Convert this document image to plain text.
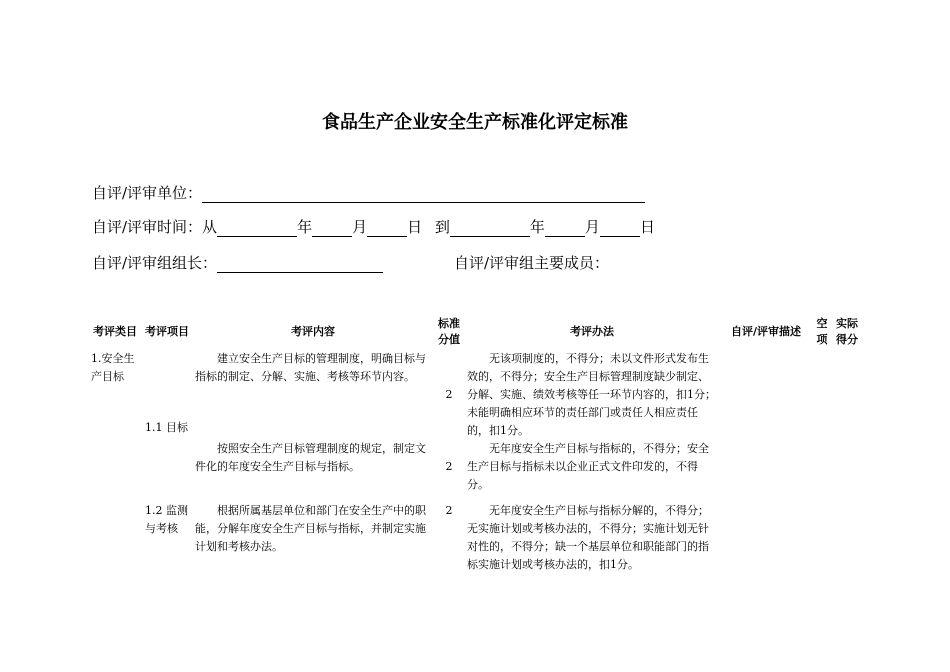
食品生产企业安全生产标准化评定标准
自评/评审单位：
自评/评审时间：从	年	月	日 到	年	月	日
自评/评审组组长：	自评/评审组主要成员：
考评类目	考评项目	考评内容	标准分值	考评办法	自评/评审描述	空项	实际得分
1.安全生产目标	1.1 目标	建立安全生产目标的管理制度，明确目标与指标的制定、分解、实施、考核等环节内容。	2	无该项制度的，不得分；未以文件形式发布生效的，不得分；安全生产目标管理制度缺少制定、分解、实施、绩效考核等任一环节内容的，扣1分；未能明确相应环节的责任部门或责任人相应责任的，扣1分。			
		按照安全生产目标管理制度的规定，制定文件化的年度安全生产目标与指标。	2	无年度安全生产目标与指标的，不得分；安全生产目标与指标未以企业正式文件印发的，不得分。			
	1.2 监测与考核	根据所属基层单位和部门在安全生产中的职能，分解年度安全生产目标与指标，并制定实施计划和考核办法。	2	无年度安全生产目标与指标分解的，不得分；无实施计划或考核办法的，不得分；实施计划无针对性的，不得分；缺一个基层单位和职能部门的指标实施计划或考核办法的，扣1分。			
